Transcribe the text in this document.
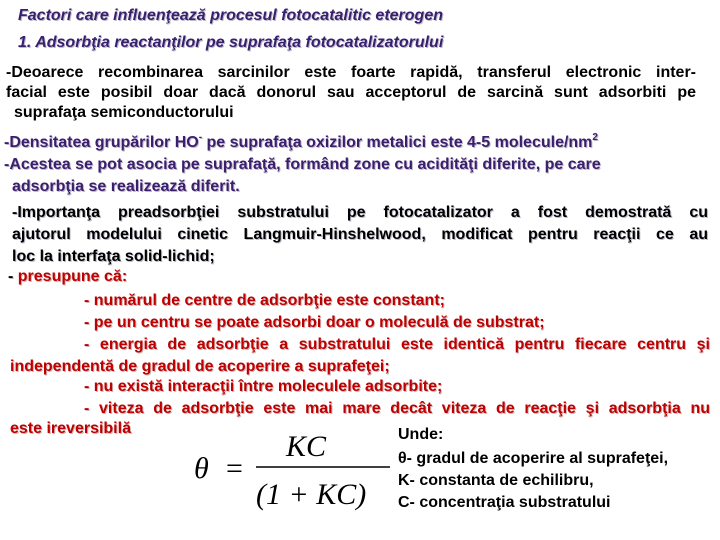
Factori care influenţează procesul fotocatalitic eterogen
1. Adsorbţia reactanţilor pe suprafaţa fotocatalizatorului
-Deoarece recombinarea sarcinilor este foarte rapidă, transferul electronic inter-
facial este posibil doar dacă donorul sau acceptorul de sarcină sunt adsorbiti pe
suprafaţa semiconductorului
-Densitatea grupărilor HO- pe suprafaţa oxizilor metalici este 4-5 molecule/$nm^2$
-Acestea se pot asocia pe suprafaţă, formând zone cu acidităţi diferite, pe care
adsorbţia se realizează diferit.
-Importanţa preadsorbţiei substratului pe fotocatalizator a fost demostrată cu
ajutorul modelului cinetic Langmuir-Hinshelwood, modificat pentru reacţii ce au
loc la interfaţa solid-lichid;
- presupune că:
- numărul de centre de adsorbţie este constant;
- pe un centru se poate adsorbi doar o moleculă de substrat;
- energia de adsorbţie a substratului este identică pentru fiecare centru şi
independentă de gradul de acoperire a suprafeţei;
- nu există interacţii între moleculele adsorbite;
- viteza de adsorbţie este mai mare decât viteza de reacţie şi adsorbţia nu
este ireversibilă
θ =
KC
(1 + KC)
Unde:
θ- gradul de acoperire al suprafeţei,
K- constanta de echilibru,
C- concentraţia substratului
